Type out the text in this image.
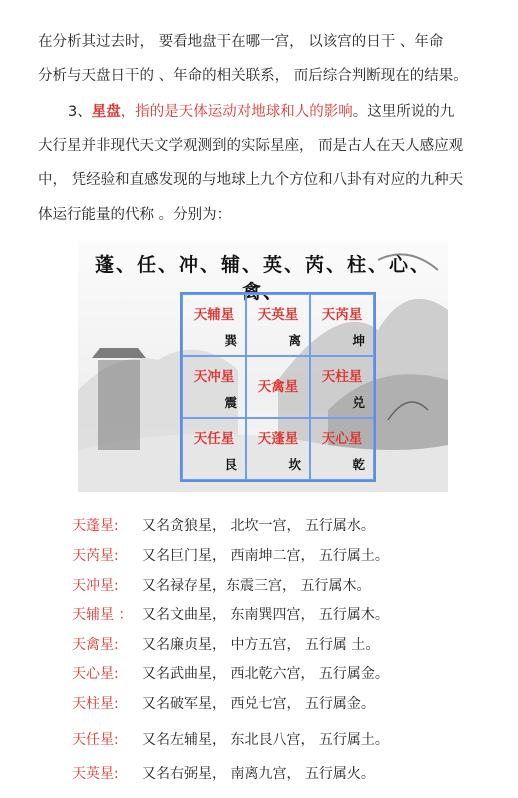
在分析其过去时， 要看地盘干在哪一宫， 以该宫的日干 、年命
分析与天盘日干的 、年命的相关联系， 而后综合判断现在的结果。
3、星盘，指的是天体运动对地球和人的影响。这里所说的九
大行星并非现代天文学观测到的实际星座， 而是古人在天人感应观
中， 凭经验和直感发现的与地球上九个方位和八卦有对应的九种天
体运行能量的代称 。分别为：
蓬、任、冲、辅、英、芮、柱、心、禽、
天辅星
巽
天英星
离
天芮星
坤
天冲星
震
天禽星
天柱星
兑
天任星
艮
天蓬星
坎
天心星
乾
天蓬星: 又名贪狼星， 北坎一宫， 五行属水。
天芮星: 又名巨门星， 西南坤二宫， 五行属土。
天冲星: 又名禄存星，东震三宫， 五行属木。
天辅星 ： 又名文曲星， 东南巽四宫， 五行属木。
天禽星: 又名廉贞星， 中方五宫， 五行属 土。
天心星: 又名武曲星， 西北乾六宫， 五行属金。
天柱星: 又名破军星， 西兑七宫， 五行属金。
天任星: 又名左辅星， 东北艮八宫， 五行属土。
天英星: 又名右弼星， 南离九宫， 五行属火。
